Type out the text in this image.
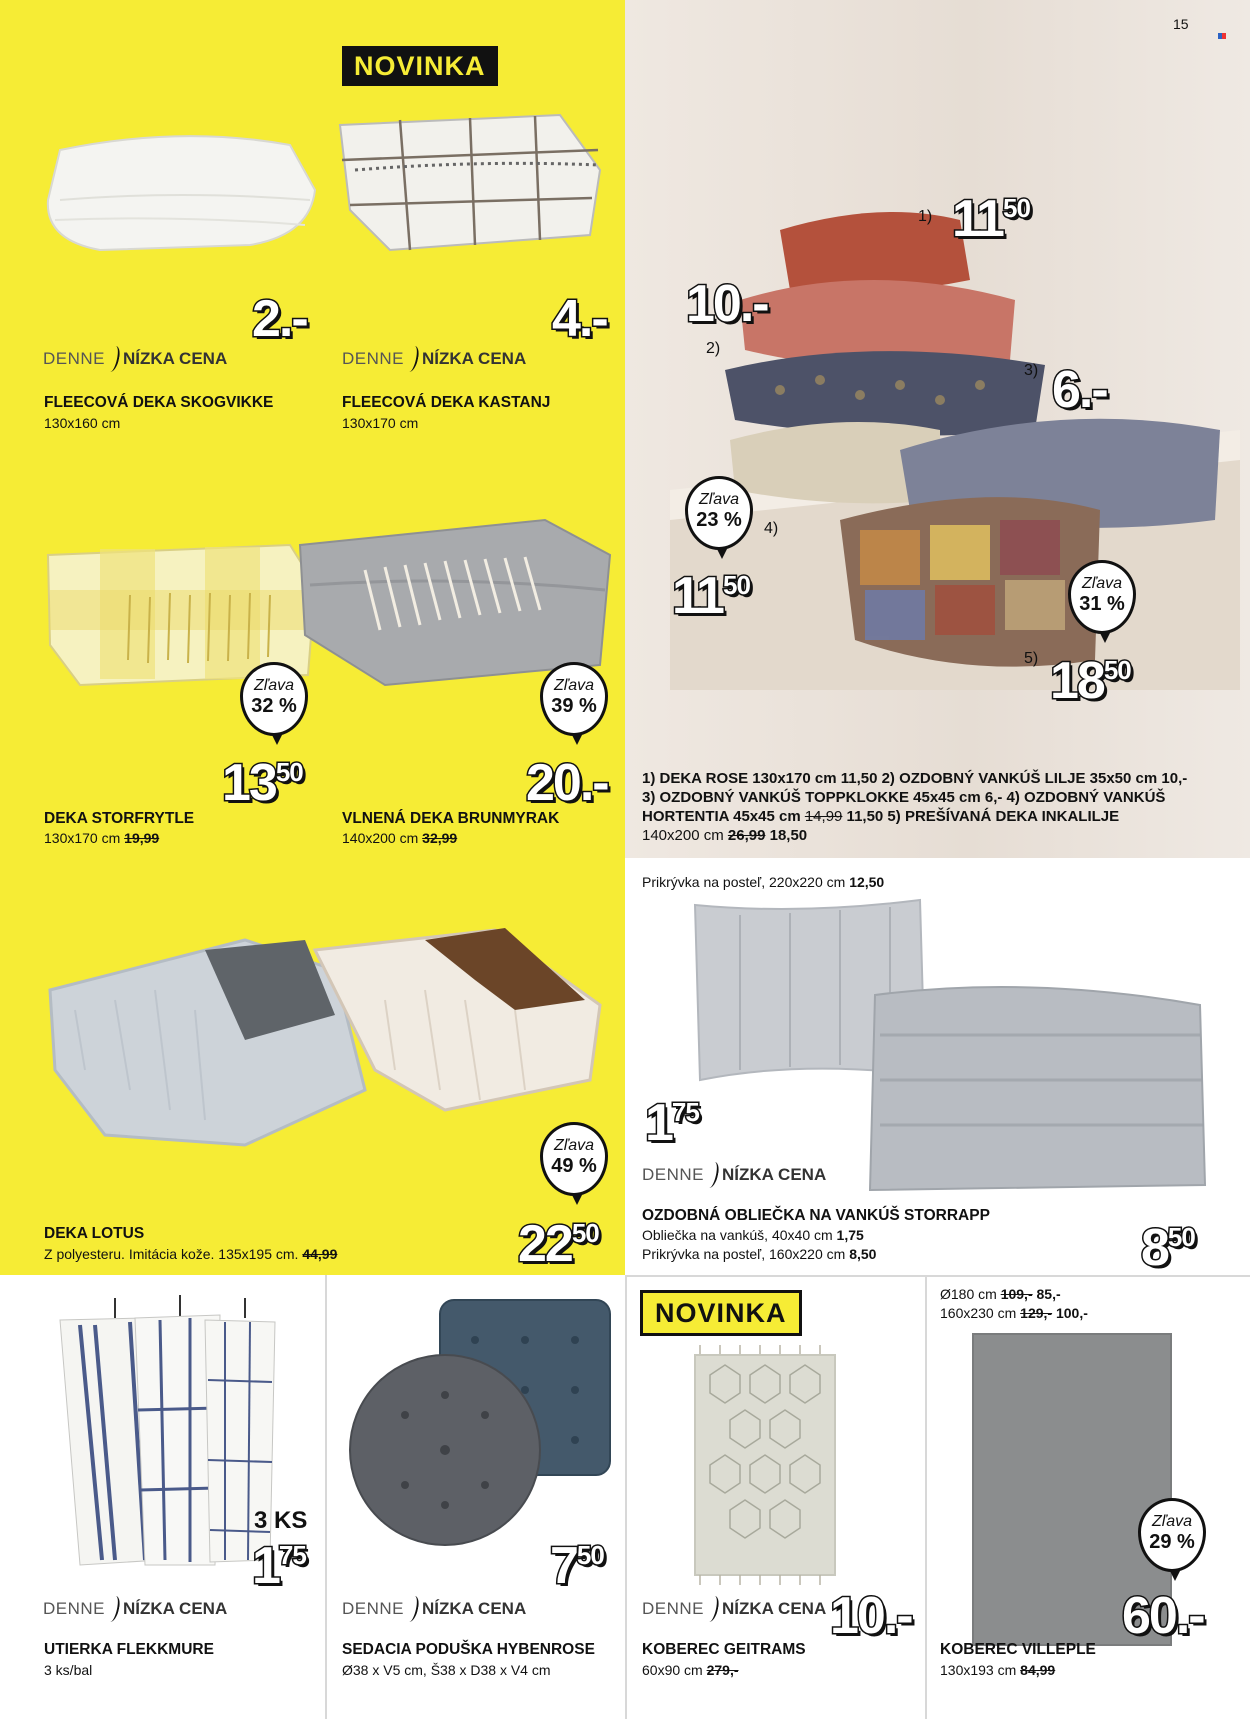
15
NOVINKA
2.-	4.-
DENNE NÍZKA CENA	DENNE NÍZKA CENA
FLEECOVÁ DEKA SKOGVIKKE
130x160 cm
FLEECOVÁ DEKA KASTANJ
130x170 cm
Zľava
32 %
Zľava
39 %
1350	20.-
DEKA STORFRYTLE
130x170 cm 19,99
VLNENÁ DEKA BRUNMYRAK
140x200 cm 32,99
Zľava
49 %
2250
DEKA LOTUS
Z polyesteru. Imitácia kože. 135x195 cm. 44,99
1) 1150
10.-
2)
3) 6.-
Zľava
23 %	4)
1150	Zľava
31 %
5) 1850
1) DEKA ROSE 130x170 cm 11,50 2) OZDOBNÝ VANKÚŠ LILJE 35x50 cm 10,-
3) OZDOBNÝ VANKÚŠ TOPPKLOKKE 45x45 cm 6,- 4) OZDOBNÝ VANKÚŠ
HORTENTIA 45x45 cm 14,99 11,50 5) PREŠÍVANÁ DEKA INKALILJE
140x200 cm 26,99 18,50
Prikrývka na posteľ, 220x220 cm 12,50
175
DENNE NÍZKA CENA
850
OZDOBNÁ OBLIEČKA NA VANKÚŠ STORRAPP
Obliečka na vankúš, 40x40 cm 1,75
Prikrývka na posteľ, 160x220 cm 8,50
3 KS
175
DENNE NÍZKA CENA
UTIERKA FLEKKMURE
3 ks/bal
750
DENNE NÍZKA CENA
SEDACIA PODUŠKA HYBENROSE
Ø38 x V5 cm, Š38 x D38 x V4 cm
NOVINKA
DENNE NÍZKA CENA 10.-
KOBEREC GEITRAMS
60x90 cm 279,-
Ø180 cm 109,- 85,-
160x230 cm 129,- 100,-
Zľava
29 %
60.-
KOBEREC VILLEPLE
130x193 cm 84,99
